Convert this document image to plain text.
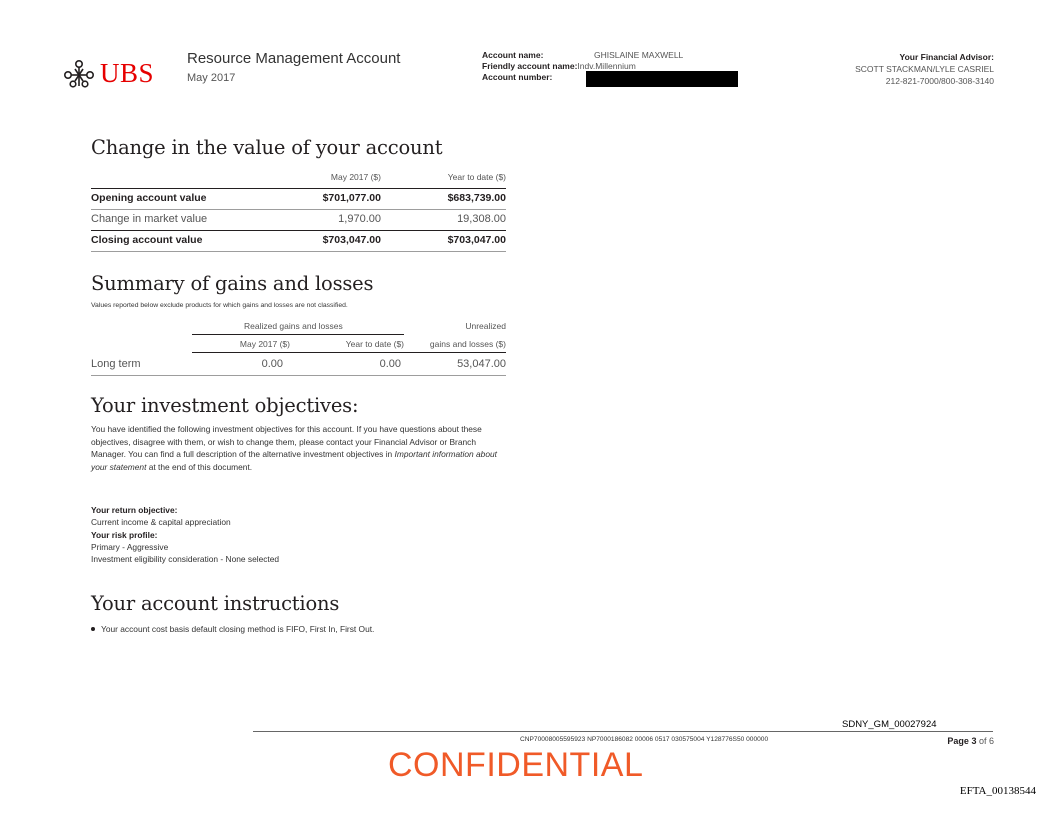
UBS Resource Management Account
May 2017
Account name:	GHISLAINE MAXWELL
Friendly account name:Indv.Millennium
Account number:
Your Financial Advisor:
SCOTT STACKMAN/LYLE CASRIEL
212-821-7000/800-308-3140
Change in the value of your account
May 2017 ($)	Year to date ($)
Opening account value	$701,077.00	$683,739.00
Change in market value	1,970.00	19,308.00
Closing account value	$703,047.00	$703,047.00
Summary of gains and losses
Values reported below exclude products for which gains and losses are not classified.
Realized gains and losses	Unrealized
May 2017 ($)	Year to date ($)	gains and losses ($)
Long term	0.00	0.00	53,047.00
Your investment objectives:
You have identified the following investment objectives for this account. If you have questions about these objectives, disagree with them, or wish to change them, please contact your Financial Advisor or Branch Manager. You can find a full description of the alternative investment objectives in Important information about your statement at the end of this document.
Your return objective:
Current income & capital appreciation
Your risk profile:
Primary - Aggressive
Investment eligibility consideration - None selected
Your account instructions
Your account cost basis default closing method is FIFO, First In, First Out.
SDNY_GM_00027924
CNP70008005595923 NP7000186082 00006 0517 030575004 Y128776S50 000000	Page 3 of 6
CONFIDENTIAL
EFTA_00138544
